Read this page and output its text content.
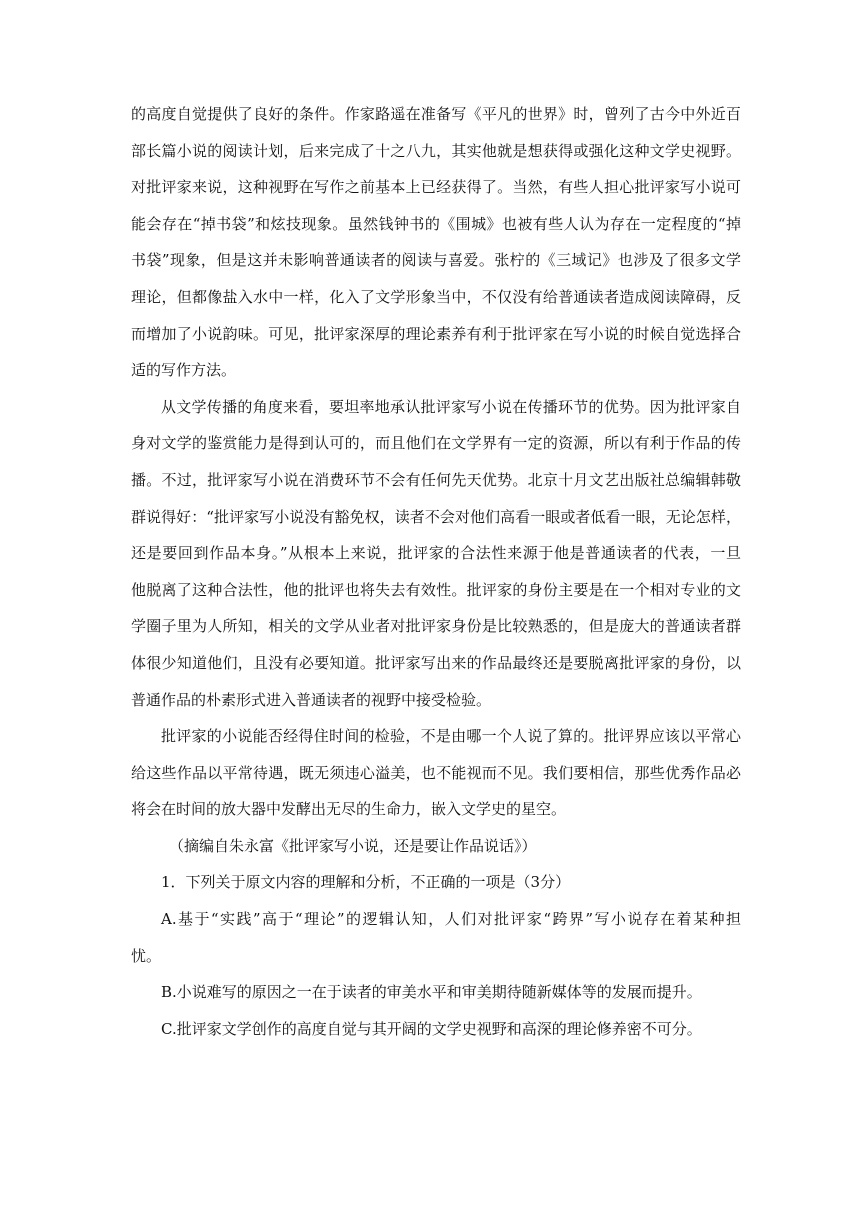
的高度自觉提供了良好的条件。作家路遥在准备写《平凡的世界》时，曾列了古今中外近百
部长篇小说的阅读计划，后来完成了十之八九，其实他就是想获得或强化这种文学史视野。
对批评家来说，这种视野在写作之前基本上已经获得了。当然，有些人担心批评家写小说可
能会存在“掉书袋”和炫技现象。虽然钱钟书的《围城》也被有些人认为存在一定程度的“掉
书袋”现象，但是这并未影响普通读者的阅读与喜爱。张柠的《三域记》也涉及了很多文学
理论，但都像盐入水中一样，化入了文学形象当中，不仅没有给普通读者造成阅读障碍，反
而增加了小说韵味。可见，批评家深厚的理论素养有利于批评家在写小说的时候自觉选择合
适的写作方法。
从文学传播的角度来看，要坦率地承认批评家写小说在传播环节的优势。因为批评家自
身对文学的鉴赏能力是得到认可的，而且他们在文学界有一定的资源，所以有利于作品的传
播。不过，批评家写小说在消费环节不会有任何先天优势。北京十月文艺出版社总编辑韩敬
群说得好：“批评家写小说没有豁免权，读者不会对他们高看一眼或者低看一眼，无论怎样，
还是要回到作品本身。”从根本上来说，批评家的合法性来源于他是普通读者的代表，一旦
他脱离了这种合法性，他的批评也将失去有效性。批评家的身份主要是在一个相对专业的文
学圈子里为人所知，相关的文学从业者对批评家身份是比较熟悉的，但是庞大的普通读者群
体很少知道他们，且没有必要知道。批评家写出来的作品最终还是要脱离批评家的身份，以
普通作品的朴素形式进入普通读者的视野中接受检验。
批评家的小说能否经得住时间的检验，不是由哪一个人说了算的。批评界应该以平常心
给这些作品以平常待遇，既无须违心溢美，也不能视而不见。我们要相信，那些优秀作品必
将会在时间的放大器中发酵出无尽的生命力，嵌入文学史的星空。
（摘编自朱永富《批评家写小说，还是要让作品说话》）
1．下列关于原文内容的理解和分析，不正确的一项是（3分）
A.基于“实践”高于“理论”的逻辑认知，人们对批评家“跨界”写小说存在着某种担
忧。
B.小说难写的原因之一在于读者的审美水平和审美期待随新媒体等的发展而提升。
C.批评家文学创作的高度自觉与其开阔的文学史视野和高深的理论修养密不可分。
